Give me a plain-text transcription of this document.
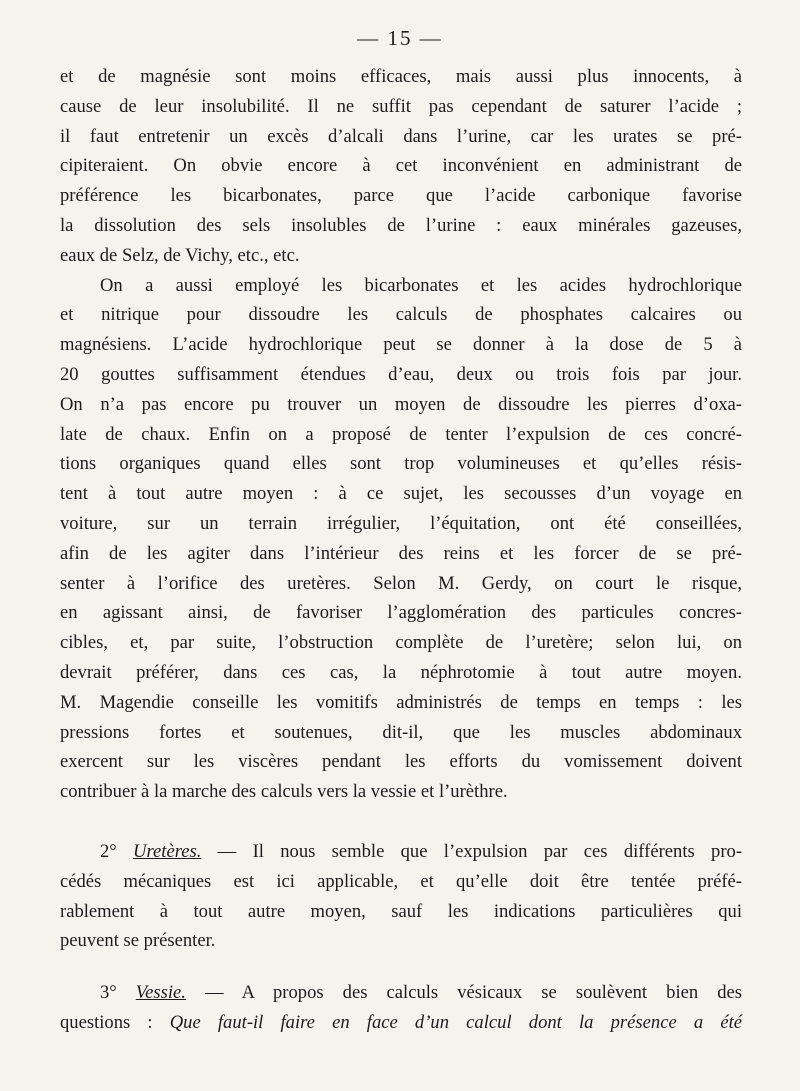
— 15 —
et de magnésie sont moins efficaces, mais aussi plus innocents, à
cause de leur insolubilité. Il ne suffit pas cependant de saturer l’acide ;
il faut entretenir un excès d’alcali dans l’urine, car les urates se pré-
cipiteraient. On obvie encore à cet inconvénient en administrant de
préférence les bicarbonates, parce que l’acide carbonique favorise
la dissolution des sels insolubles de l’urine : eaux minérales gazeuses,
eaux de Selz, de Vichy, etc., etc.
On a aussi employé les bicarbonates et les acides hydrochlorique
et nitrique pour dissoudre les calculs de phosphates calcaires ou
magnésiens. L’acide hydrochlorique peut se donner à la dose de 5 à
20 gouttes suffisamment étendues d’eau, deux ou trois fois par jour.
On n’a pas encore pu trouver un moyen de dissoudre les pierres d’oxa-
late de chaux. Enfin on a proposé de tenter l’expulsion de ces concré-
tions organiques quand elles sont trop volumineuses et qu’elles résis-
tent à tout autre moyen : à ce sujet, les secousses d’un voyage en
voiture, sur un terrain irrégulier, l’équitation, ont été conseillées,
afin de les agiter dans l’intérieur des reins et les forcer de se pré-
senter à l’orifice des uretères. Selon M. Gerdy, on court le risque,
en agissant ainsi, de favoriser l’agglomération des particules concres-
cibles, et, par suite, l’obstruction complète de l’uretère; selon lui, on
devrait préférer, dans ces cas, la néphrotomie à tout autre moyen.
M. Magendie conseille les vomitifs administrés de temps en temps : les
pressions fortes et soutenues, dit-il, que les muscles abdominaux
exercent sur les viscères pendant les efforts du vomissement doivent
contribuer à la marche des calculs vers la vessie et l’urèthre.
2° Uretères. — Il nous semble que l’expulsion par ces différents pro-
cédés mécaniques est ici applicable, et qu’elle doit être tentée préfé-
rablement à tout autre moyen, sauf les indications particulières qui
peuvent se présenter.
3° Vessie. — A propos des calculs vésicaux se soulèvent bien des
questions : Que faut-il faire en face d’un calcul dont la présence a été
